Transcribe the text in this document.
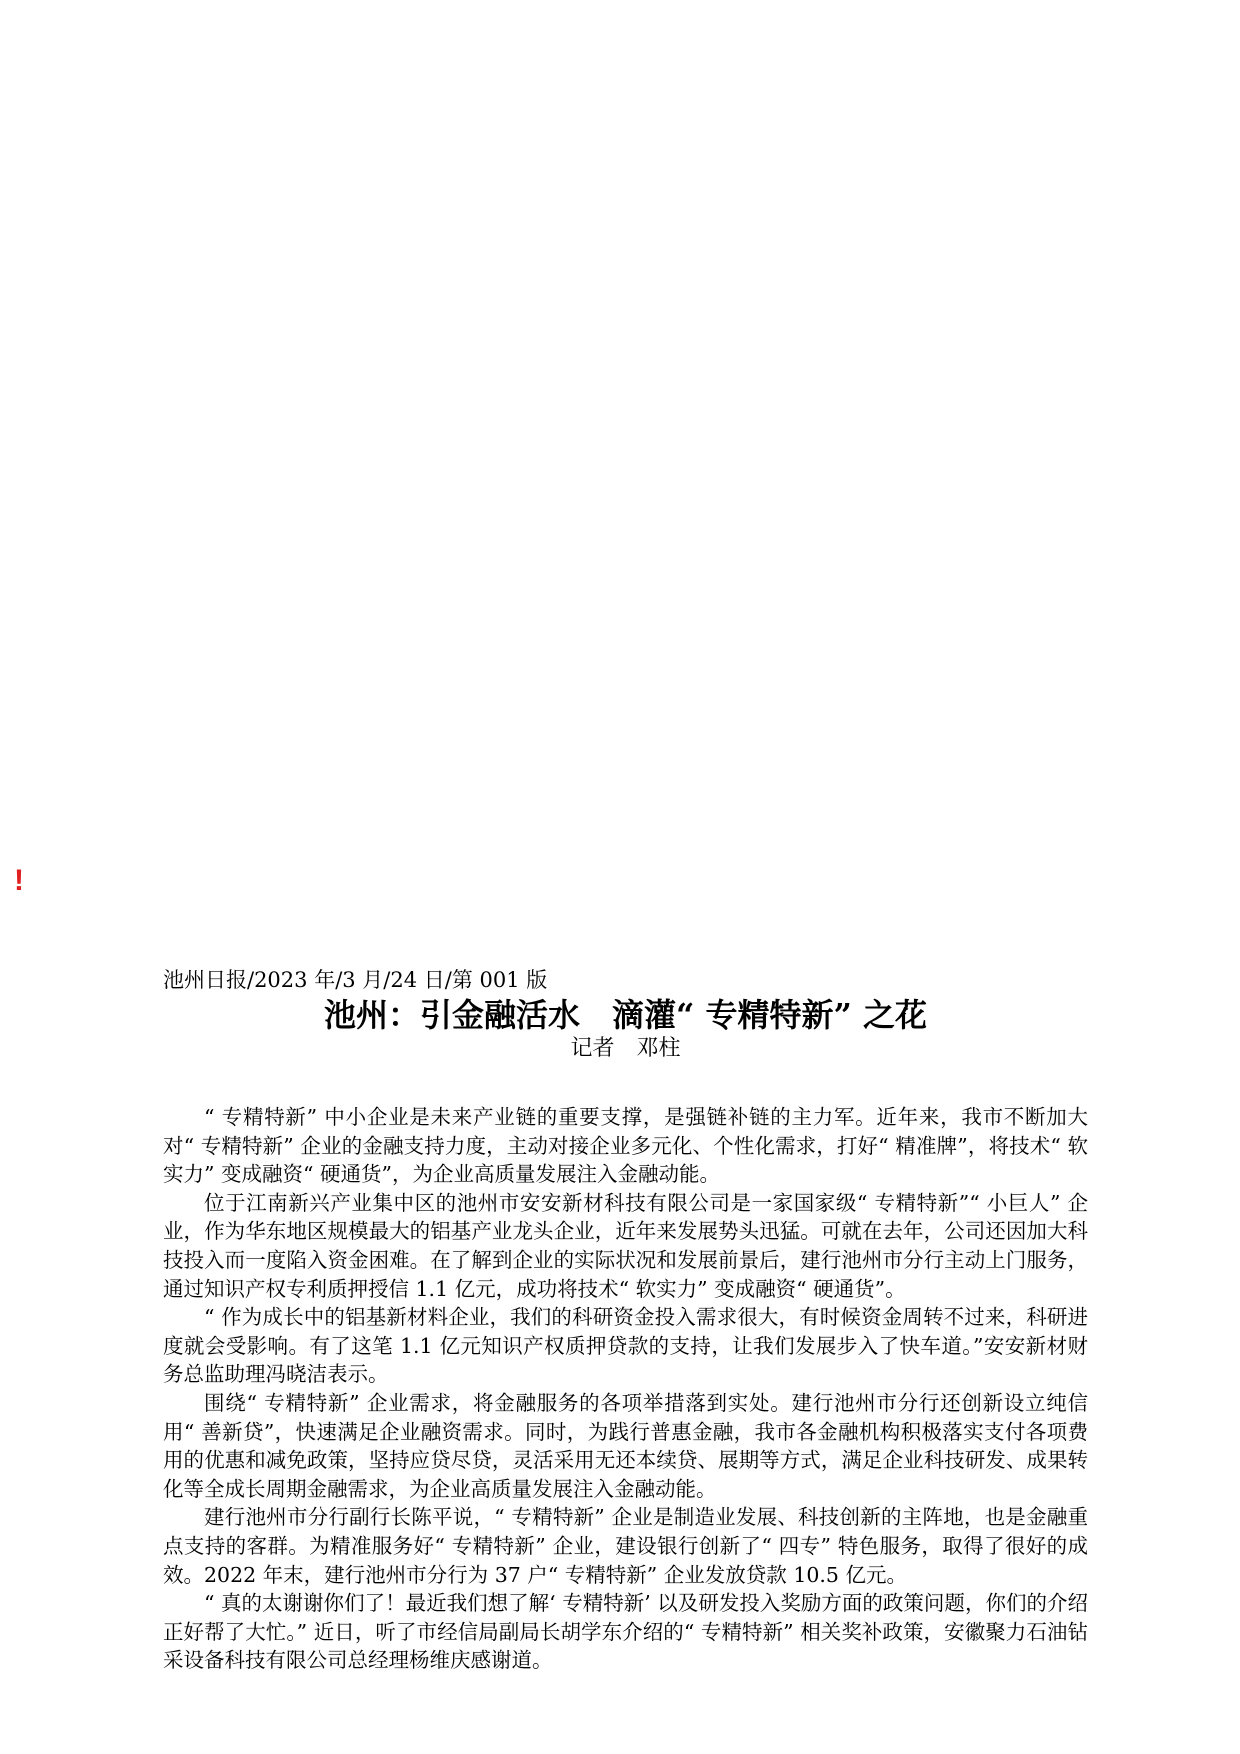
!

池州日报/2023 年/3 月/24 日/第 001 版

池州：引金融活水　滴灌“ 专精特新” 之花

记者　邓柱

“ 专精特新” 中小企业是未来产业链的重要支撑，是强链补链的主力军。近年来，我市不断加大对“ 专精特新” 企业的金融支持力度，主动对接企业多元化、个性化需求，打好“ 精准牌”，将技术“ 软实力” 变成融资“ 硬通货”，为企业高质量发展注入金融动能。

位于江南新兴产业集中区的池州市安安新材科技有限公司是一家国家级“ 专精特新”“ 小巨人” 企业，作为华东地区规模最大的铝基产业龙头企业，近年来发展势头迅猛。可就在去年，公司还因加大科技投入而一度陷入资金困难。在了解到企业的实际状况和发展前景后，建行池州市分行主动上门服务，通过知识产权专利质押授信 1.1 亿元，成功将技术“ 软实力” 变成融资“ 硬通货”。

“ 作为成长中的铝基新材料企业，我们的科研资金投入需求很大，有时候资金周转不过来，科研进度就会受影响。有了这笔 1.1 亿元知识产权质押贷款的支持，让我们发展步入了快车道。”安安新材财务总监助理冯晓洁表示。

围绕“ 专精特新” 企业需求，将金融服务的各项举措落到实处。建行池州市分行还创新设立纯信用“ 善新贷”，快速满足企业融资需求。同时，为践行普惠金融，我市各金融机构积极落实支付各项费用的优惠和减免政策，坚持应贷尽贷，灵活采用无还本续贷、展期等方式，满足企业科技研发、成果转化等全成长周期金融需求，为企业高质量发展注入金融动能。

建行池州市分行副行长陈平说，“ 专精特新” 企业是制造业发展、科技创新的主阵地，也是金融重点支持的客群。为精准服务好“ 专精特新” 企业，建设银行创新了“ 四专” 特色服务，取得了很好的成效。2022 年末，建行池州市分行为 37 户“ 专精特新” 企业发放贷款 10.5 亿元。

“ 真的太谢谢你们了！最近我们想了解‘ 专精特新’ 以及研发投入奖励方面的政策问题，你们的介绍正好帮了大忙。” 近日，听了市经信局副局长胡学东介绍的“ 专精特新” 相关奖补政策，安徽聚力石油钻采设备科技有限公司总经理杨维庆感谢道。
